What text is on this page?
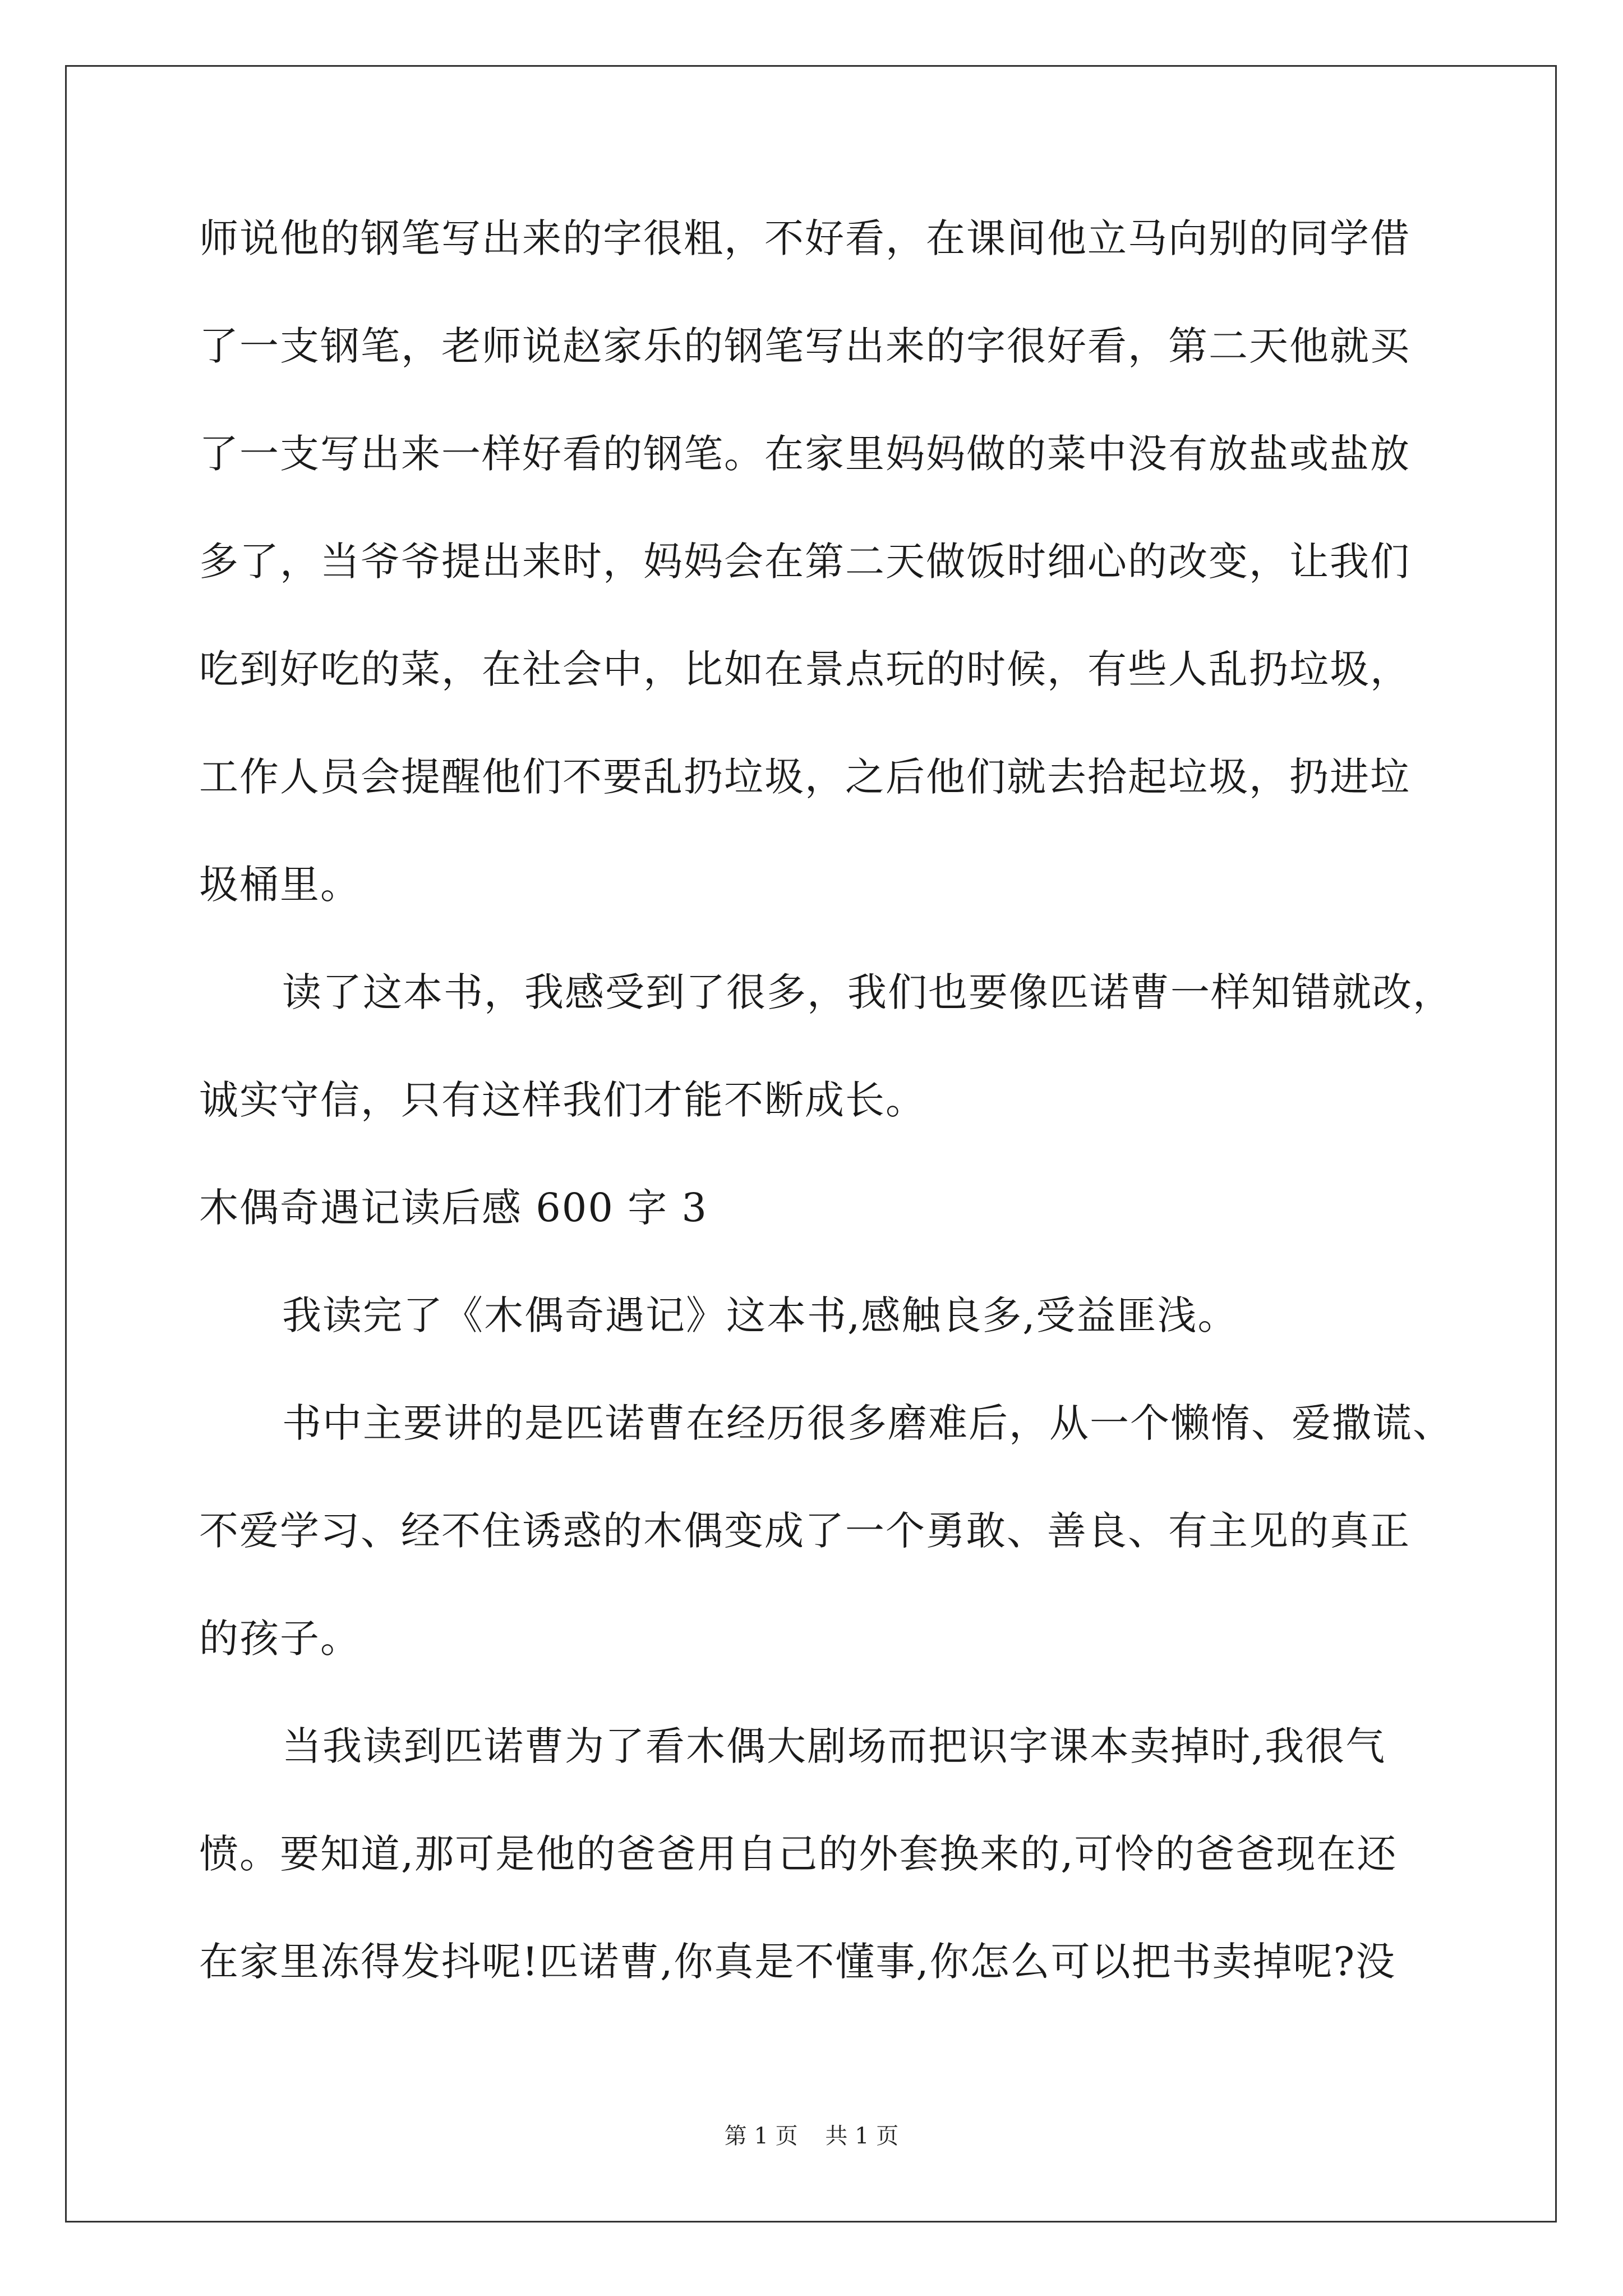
师说他的钢笔写出来的字很粗，不好看，在课间他立马向别的同学借
了一支钢笔，老师说赵家乐的钢笔写出来的字很好看，第二天他就买
了一支写出来一样好看的钢笔。在家里妈妈做的菜中没有放盐或盐放
多了，当爷爷提出来时，妈妈会在第二天做饭时细心的改变，让我们
吃到好吃的菜，在社会中，比如在景点玩的时候，有些人乱扔垃圾，
工作人员会提醒他们不要乱扔垃圾，之后他们就去拾起垃圾，扔进垃
圾桶里。
读了这本书，我感受到了很多，我们也要像匹诺曹一样知错就改，
诚实守信，只有这样我们才能不断成长。
木偶奇遇记读后感 600 字 3
我读完了《木偶奇遇记》这本书,感触良多,受益匪浅。
书中主要讲的是匹诺曹在经历很多磨难后，从一个懒惰、爱撒谎、
不爱学习、经不住诱惑的木偶变成了一个勇敢、善良、有主见的真正
的孩子。
当我读到匹诺曹为了看木偶大剧场而把识字课本卖掉时,我很气
愤。要知道,那可是他的爸爸用自己的外套换来的,可怜的爸爸现在还
在家里冻得发抖呢!匹诺曹,你真是不懂事,你怎么可以把书卖掉呢?没
第 1 页 共 1 页
